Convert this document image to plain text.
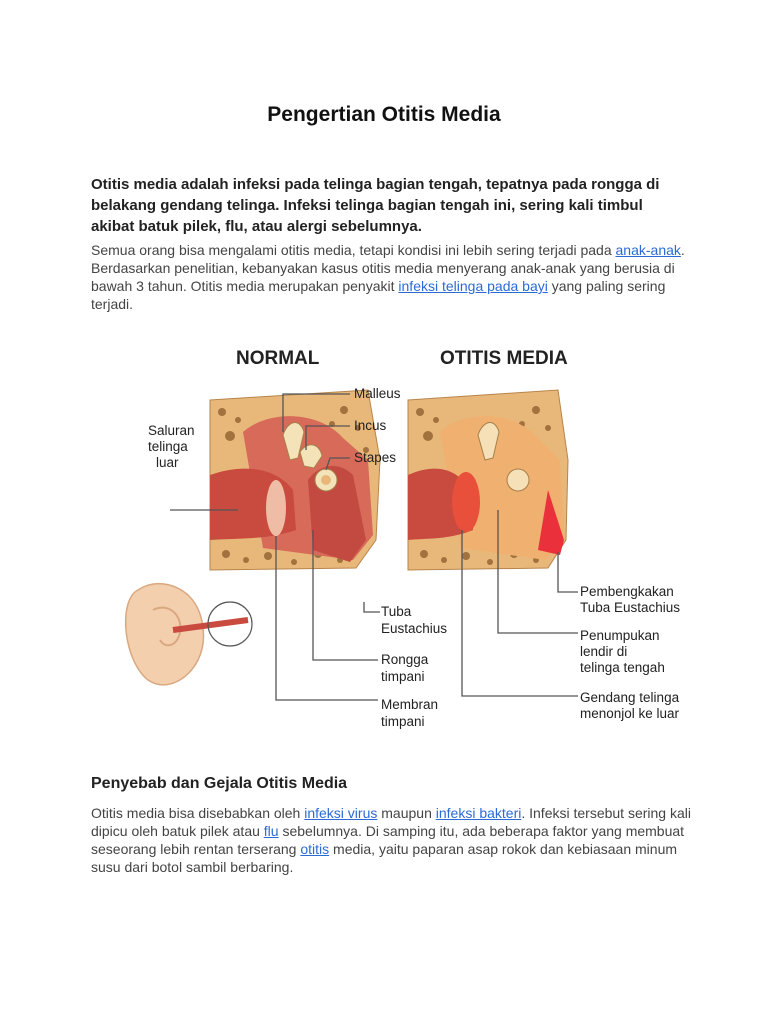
Pengertian Otitis Media

Otitis media adalah infeksi pada telinga bagian tengah, tepatnya pada rongga di belakang gendang telinga. Infeksi telinga bagian tengah ini, sering kali timbul akibat batuk pilek, flu, atau alergi sebelumnya.

Semua orang bisa mengalami otitis media, tetapi kondisi ini lebih sering terjadi pada anak-anak. Berdasarkan penelitian, kebanyakan kasus otitis media menyerang anak-anak yang berusia di bawah 3 tahun. Otitis media merupakan penyakit infeksi telinga pada bayi yang paling sering terjadi.

NORMAL	OTITIS MEDIA
Saluran
telinga
luar
Malleus
Incus
Stapes
Tuba
Eustachius
Rongga
timpani
Membran
timpani
Pembengkakan
Tuba Eustachius
Penumpukan
lendir di
telinga tengah
Gendang telinga
menonjol ke luar
Penyebab dan Gejala Otitis Media

Otitis media bisa disebabkan oleh infeksi virus maupun infeksi bakteri. Infeksi tersebut sering kali dipicu oleh batuk pilek atau flu sebelumnya. Di samping itu, ada beberapa faktor yang membuat seseorang lebih rentan terserang otitis media, yaitu paparan asap rokok dan kebiasaan minum susu dari botol sambil berbaring.
